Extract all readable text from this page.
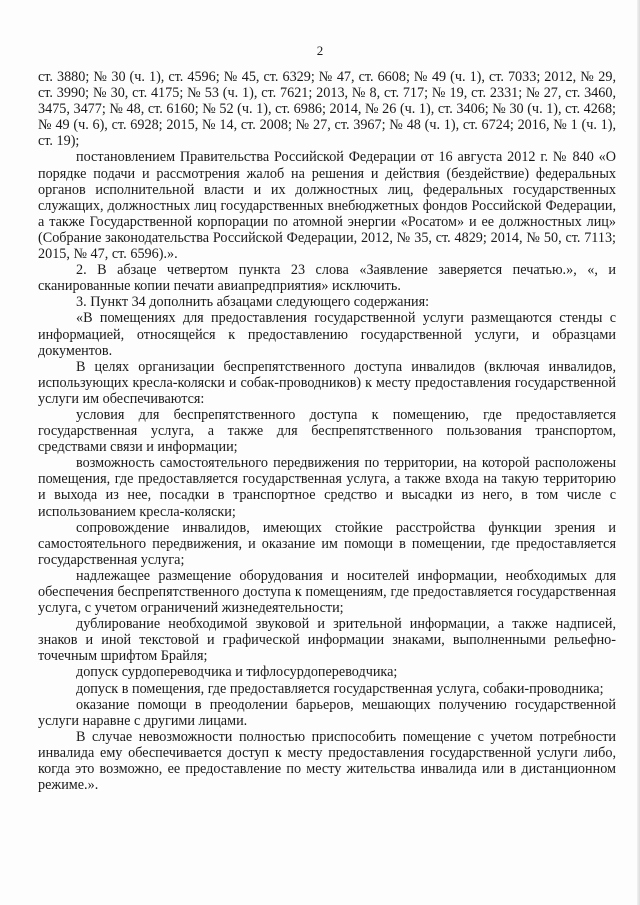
2

ст. 3880; № 30 (ч. 1), ст. 4596; № 45, ст. 6329; № 47, ст. 6608; № 49 (ч. 1), ст. 7033; 2012, № 29, ст. 3990; № 30, ст. 4175; № 53 (ч. 1), ст. 7621; 2013, № 8, ст. 717; № 19, ст. 2331; № 27, ст. 3460, 3475, 3477; № 48, ст. 6160; № 52 (ч. 1), ст. 6986; 2014, № 26 (ч. 1), ст. 3406; № 30 (ч. 1), ст. 4268; № 49 (ч. 6), ст. 6928; 2015, № 14, ст. 2008; № 27, ст. 3967; № 48 (ч. 1), ст. 6724; 2016, № 1 (ч. 1), ст. 19);

постановлением Правительства Российской Федерации от 16 августа 2012 г. № 840 «О порядке подачи и рассмотрения жалоб на решения и действия (бездействие) федеральных органов исполнительной власти и их должностных лиц, федеральных государственных служащих, должностных лиц государственных внебюджетных фондов Российской Федерации, а также Государственной корпорации по атомной энергии «Росатом» и ее должностных лиц» (Собрание законодательства Российской Федерации, 2012, № 35, ст. 4829; 2014, № 50, ст. 7113; 2015, № 47, ст. 6596).».

2. В абзаце четвертом пункта 23 слова «Заявление заверяется печатью.», «, и сканированные копии печати авиапредприятия» исключить.

3. Пункт 34 дополнить абзацами следующего содержания:

«В помещениях для предоставления государственной услуги размещаются стенды с информацией, относящейся к предоставлению государственной услуги, и образцами документов.

В целях организации беспрепятственного доступа инвалидов (включая инвалидов, использующих кресла-коляски и собак-проводников) к месту предоставления государственной услуги им обеспечиваются:

условия для беспрепятственного доступа к помещению, где предоставляется государственная услуга, а также для беспрепятственного пользования транспортом, средствами связи и информации;

возможность самостоятельного передвижения по территории, на которой расположены помещения, где предоставляется государственная услуга, а также входа на такую территорию и выхода из нее, посадки в транспортное средство и высадки из него, в том числе с использованием кресла-коляски;

сопровождение инвалидов, имеющих стойкие расстройства функции зрения и самостоятельного передвижения, и оказание им помощи в помещении, где предоставляется государственная услуга;

надлежащее размещение оборудования и носителей информации, необходимых для обеспечения беспрепятственного доступа к помещениям, где предоставляется государственная услуга, с учетом ограничений жизнедеятельности;

дублирование необходимой звуковой и зрительной информации, а также надписей, знаков и иной текстовой и графической информации знаками, выполненными рельефно-точечным шрифтом Брайля;

допуск сурдопереводчика и тифлосурдопереводчика;

допуск в помещения, где предоставляется государственная услуга, собаки-проводника;

оказание помощи в преодолении барьеров, мешающих получению государственной услуги наравне с другими лицами.

В случае невозможности полностью приспособить помещение с учетом потребности инвалида ему обеспечивается доступ к месту предоставления государственной услуги либо, когда это возможно, ее предоставление по месту жительства инвалида или в дистанционном режиме.».
